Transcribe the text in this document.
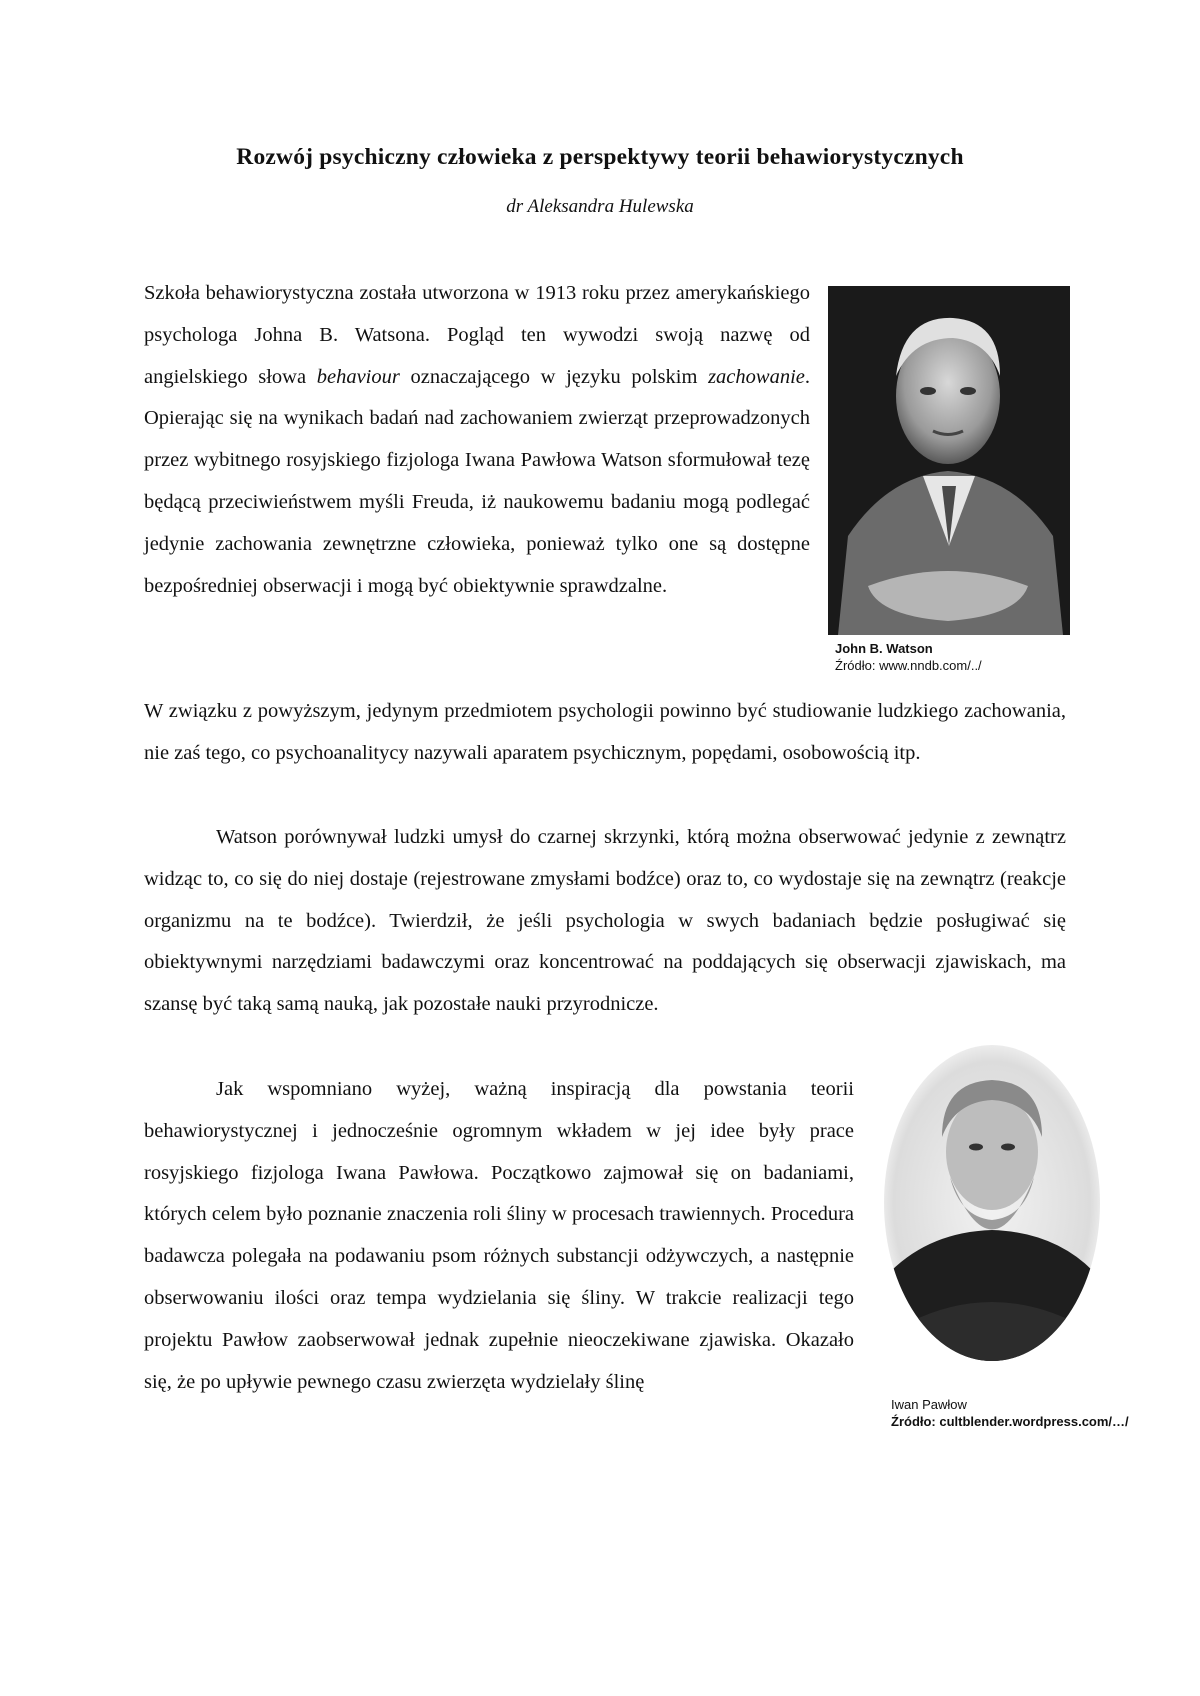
Rozwój psychiczny człowieka z perspektywy teorii behawiorystycznych
dr Aleksandra Hulewska

Szkoła behawiorystyczna została utworzona w 1913 roku przez amerykańskiego psychologa Johna B. Watsona. Pogląd ten wywodzi swoją nazwę od angielskiego słowa behaviour oznaczającego w języku polskim zachowanie. Opierając się na wynikach badań nad zachowaniem zwierząt przeprowadzonych przez wybitnego rosyjskiego fizjologa Iwana Pawłowa Watson sformułował tezę będącą przeciwieństwem myśli Freuda, iż naukowemu badaniu mogą podlegać jedynie zachowania zewnętrzne człowieka, ponieważ tylko one są dostępne bezpośredniej obserwacji i mogą być obiektywnie sprawdzalne.

W związku z powyższym, jedynym przedmiotem psychologii powinno być studiowanie ludzkiego zachowania, nie zaś tego, co psychoanalitycy nazywali aparatem psychicznym, popędami, osobowością itp.

Watson porównywał ludzki umysł do czarnej skrzynki, którą można obserwować jedynie z zewnątrz widząc to, co się do niej dostaje (rejestrowane zmysłami bodźce) oraz to, co wydostaje się na zewnątrz (reakcje organizmu na te bodźce). Twierdził, że jeśli psychologia w swych badaniach będzie posługiwać się obiektywnymi narzędziami badawczymi oraz koncentrować na poddających się obserwacji zjawiskach, ma szansę być taką samą nauką, jak pozostałe nauki przyrodnicze.

Jak wspomniano wyżej, ważną inspiracją dla powstania teorii behawiorystycznej i jednocześnie ogromnym wkładem w jej idee były prace rosyjskiego fizjologa Iwana Pawłowa. Początkowo zajmował się on badaniami, których celem było poznanie znaczenia roli śliny w procesach trawiennych. Procedura badawcza polegała na podawaniu psom różnych substancji odżywczych, a następnie obserwowaniu ilości oraz tempa wydzielania się śliny. W trakcie realizacji tego projektu Pawłow zaobserwował jednak zupełnie nieoczekiwane zjawiska. Okazało się, że po upływie pewnego czasu zwierzęta wydzielały ślinę

John B. Watson
Źródło: www.nndb.com/../
Iwan Pawłow
Źródło: cultblender.wordpress.com/…/
